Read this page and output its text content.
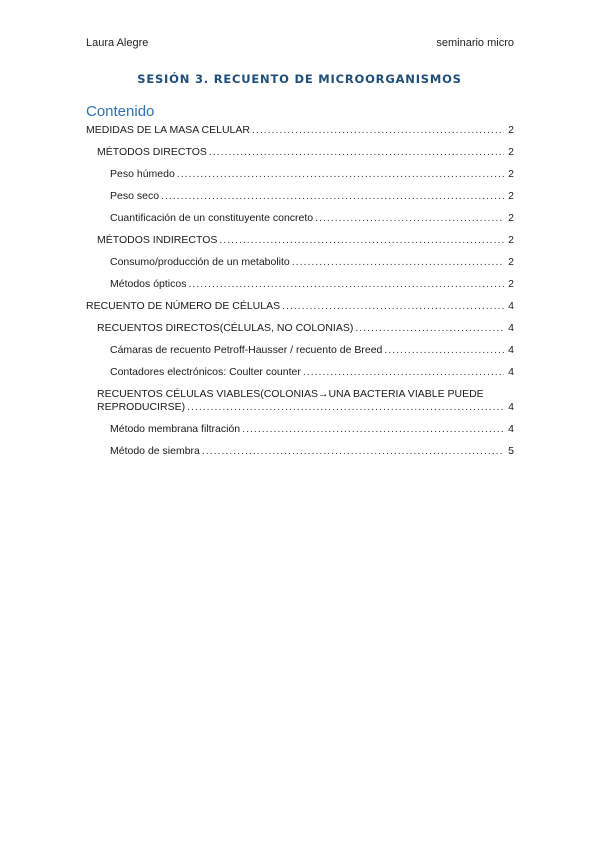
Laura Alegre	seminario micro
SESIÓN 3. RECUENTO DE MICROORGANISMOS
Contenido
MEDIDAS DE LA MASA CELULAR .....	2
MÉTODOS DIRECTOS .....	2
Peso húmedo .....	2
Peso seco .....	2
Cuantificación de un constituyente concreto .....	2
MÉTODOS INDIRECTOS .....	2
Consumo/producción de un metabolito .....	2
Métodos ópticos .....	2
RECUENTO DE NÚMERO DE CÉLULAS .....	4
RECUENTOS DIRECTOS(CÉLULAS, NO COLONIAS) .....	4
Cámaras de recuento Petroff-Hausser / recuento de Breed .....	4
Contadores electrónicos: Coulter counter .....	4
RECUENTOS CÉLULAS VIABLES(COLONIAS→UNA BACTERIA VIABLE PUEDE
REPRODUCIRSE) .....	4
Método membrana filtración .....	4
Método de siembra .....	5
